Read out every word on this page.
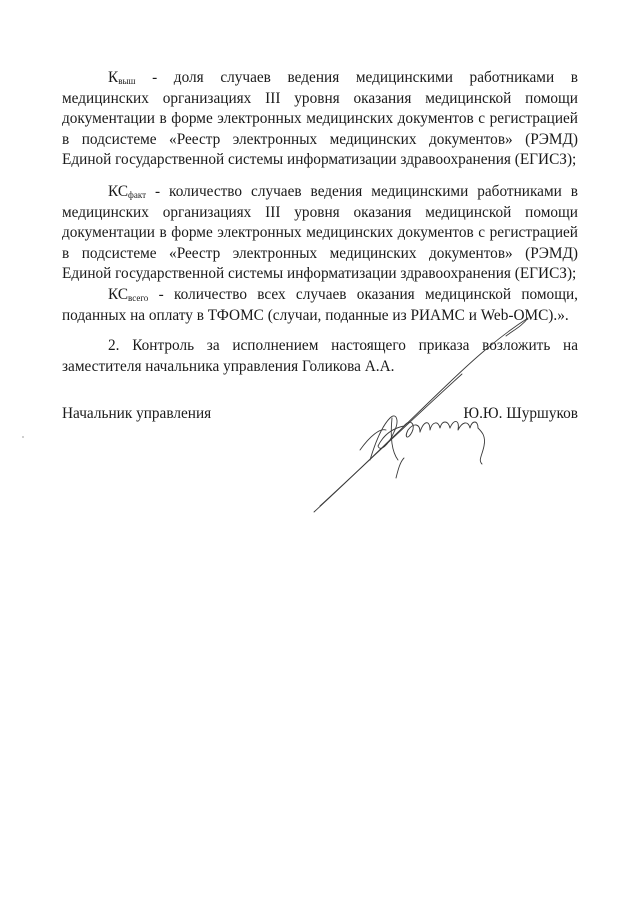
$К_{выш}$ - доля случаев ведения медицинскими работниками в медицинских организациях III уровня оказания медицинской помощи документации в форме электронных медицинских документов с регистрацией в подсистеме «Реестр электронных медицинских документов» (РЭМД) Единой государственной системы информатизации здравоохранения (ЕГИСЗ);

$КС_{факт}$ - количество случаев ведения медицинскими работниками в медицинских организациях III уровня оказания медицинской помощи документации в форме электронных медицинских документов с регистрацией в подсистеме «Реестр электронных медицинских документов» (РЭМД) Единой государственной системы информатизации здравоохранения (ЕГИСЗ);

$КС_{всего}$ - количество всех случаев оказания медицинской помощи, поданных на оплату в ТФОМС (случаи, поданные из РИАМС и Web-ОМС).».

2. Контроль за исполнением настоящего приказа возложить на заместителя начальника управления Голикова А.А.

Начальник управления	Ю.Ю. Шуршуков
